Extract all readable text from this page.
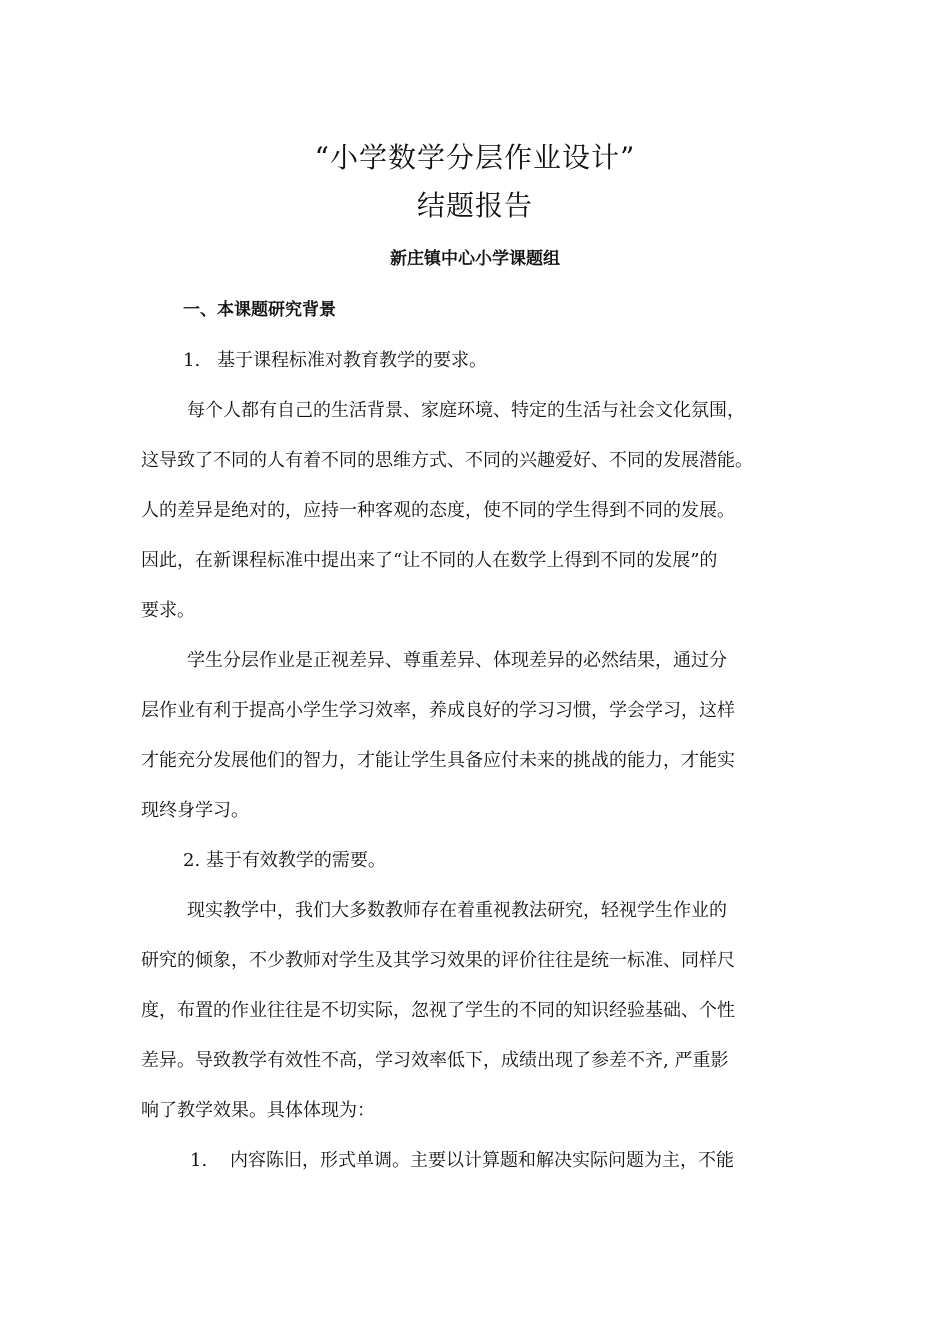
“小学数学分层作业设计”
结题报告
新庄镇中心小学课题组
一、本课题研究背景
1. 基于课程标准对教育教学的要求。
每个人都有自己的生活背景、家庭环境、特定的生活与社会文化氛围，
这导致了不同的人有着不同的思维方式、不同的兴趣爱好、不同的发展潜能。
人的差异是绝对的，应持一种客观的态度，使不同的学生得到不同的发展。
因此，在新课程标准中提出来了“让不同的人在数学上得到不同的发展”的
要求。
学生分层作业是正视差异、尊重差异、体现差异的必然结果，通过分
层作业有利于提高小学生学习效率，养成良好的学习习惯，学会学习，这样
才能充分发展他们的智力，才能让学生具备应付未来的挑战的能力，才能实
现终身学习。
2. 基于有效教学的需要。
现实教学中，我们大多数教师存在着重视教法研究，轻视学生作业的
研究的倾象，不少教师对学生及其学习效果的评价往往是统一标准、同样尺
度，布置的作业往往是不切实际，忽视了学生的不同的知识经验基础、个性
差异。导致教学有效性不高，学习效率低下，成绩出现了参差不齐, 严重影
响了教学效果。具体体现为：
1. 内容陈旧，形式单调。主要以计算题和解决实际问题为主，不能
